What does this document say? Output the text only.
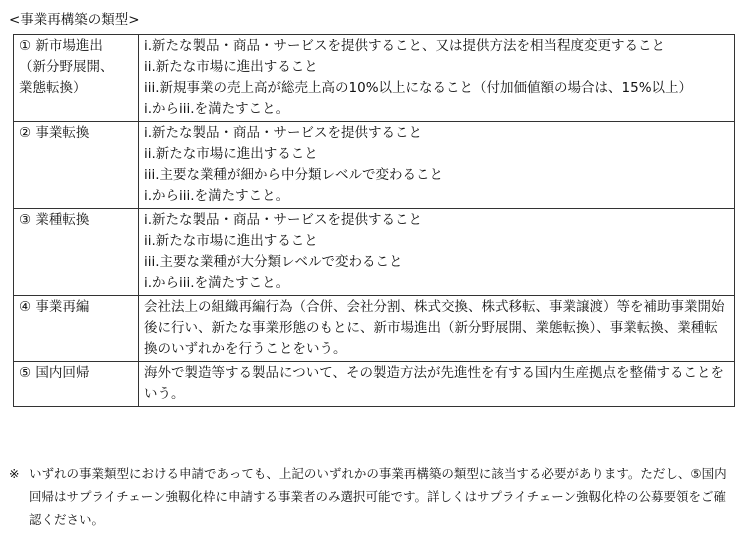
<事業再構築の類型>
① 新市場進出
（新分野展開、
業態転換）	i.新たな製品・商品・サービスを提供すること、又は提供方法を相当程度変更すること
ii.新たな市場に進出すること
iii.新規事業の売上高が総売上高の10%以上になること（付加価値額の場合は、15%以上）
i.からiii.を満たすこと。

② 事業転換	i.新たな製品・商品・サービスを提供すること
ii.新たな市場に進出すること
iii.主要な業種が細から中分類レベルで変わること
i.からiii.を満たすこと。

③ 業種転換	i.新たな製品・商品・サービスを提供すること
ii.新たな市場に進出すること
iii.主要な業種が大分類レベルで変わること
i.からiii.を満たすこと。

④ 事業再編	会社法上の組織再編行為（合併、会社分割、株式交換、株式移転、事業譲渡）等を補助事業開始後に行い、新たな事業形態のもとに、新市場進出（新分野展開、業態転換）、事業転換、業種転換のいずれかを行うことをいう。

⑤ 国内回帰	海外で製造等する製品について、その製造方法が先進性を有する国内生産拠点を整備することをいう。
※ いずれの事業類型における申請であっても、上記のいずれかの事業再構築の類型に該当する必要があります。ただし、⑤国内回帰はサプライチェーン強靱化枠に申請する事業者のみ選択可能です。詳しくはサプライチェーン強靱化枠の公募要領をご確認ください。
